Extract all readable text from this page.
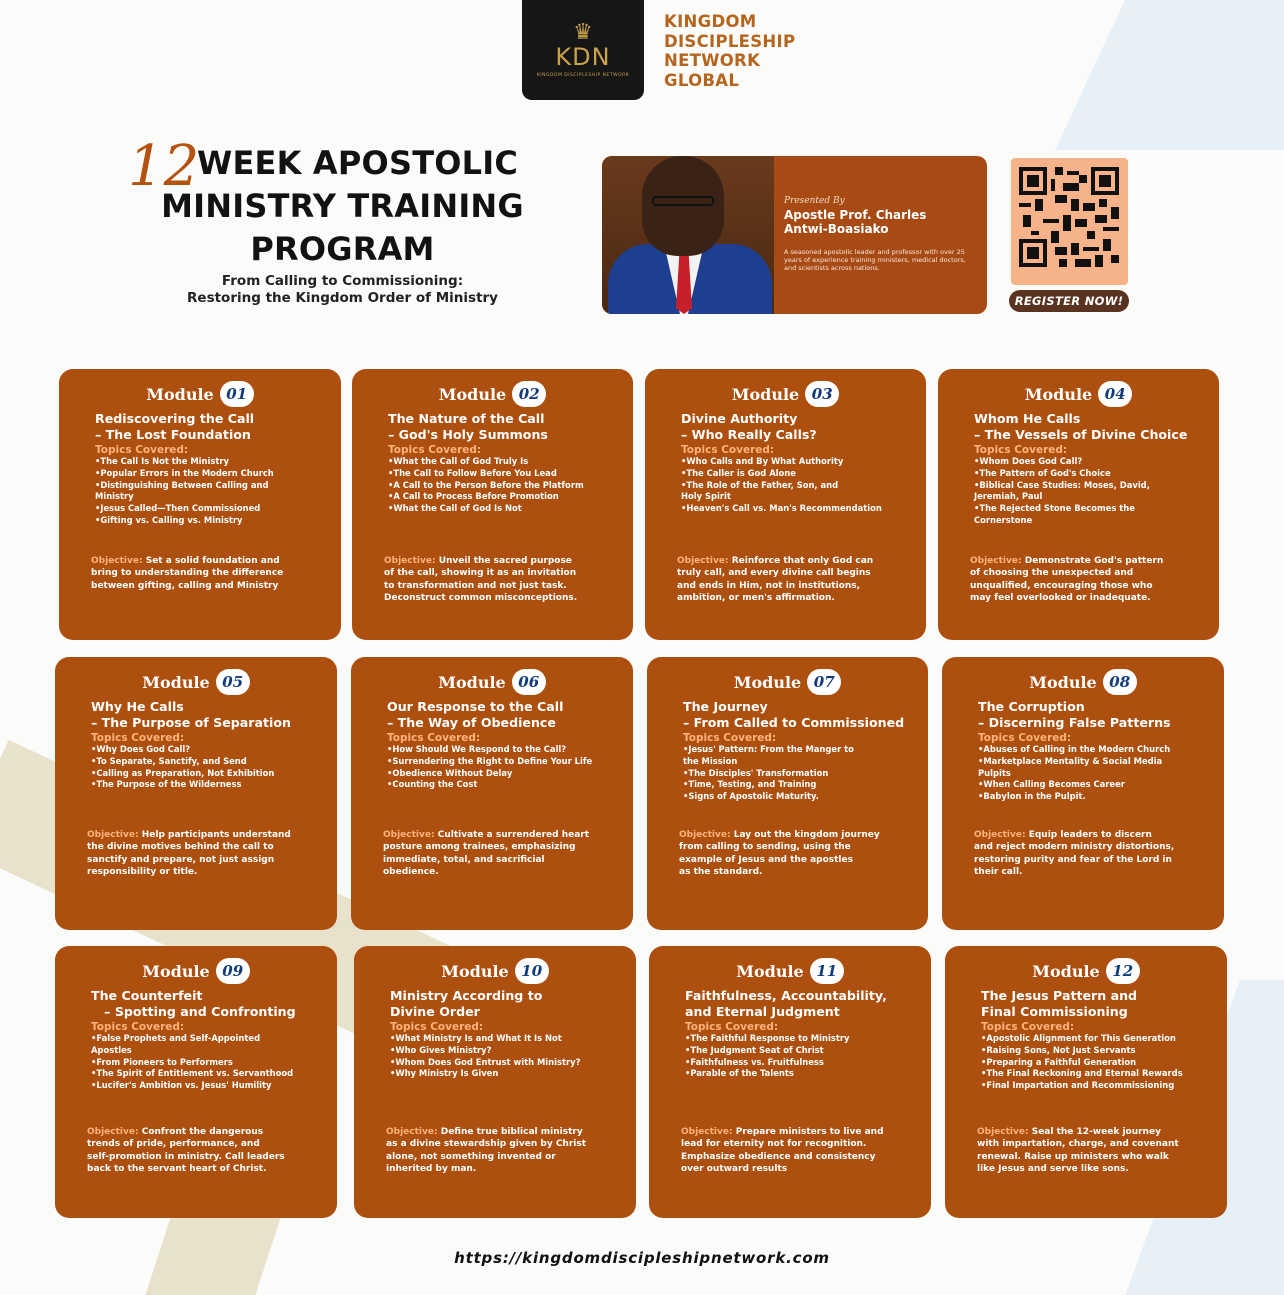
♛
KDN
KINGDOM DISCIPLESHIP NETWORK
KINGDOM
DISCIPLESHIP
NETWORK
GLOBAL
12
WEEK APOSTOLIC
MINISTRY TRAINING
PROGRAM
From Calling to Commissioning:
Restoring the Kingdom Order of Ministry
Presented By
Apostle Prof. Charles
Antwi-Boasiako
A seasoned apostolic leader and professor with over 25 years of experience training ministers, medical doctors, and scientists across nations.
REGISTER NOW!
Module 01
Rediscovering the Call
– The Lost Foundation
Topics Covered:
•The Call Is Not the Ministry
•Popular Errors in the Modern Church
•Distinguishing Between Calling and
Ministry
•Jesus Called—Then Commissioned
•Gifting vs. Calling vs. Ministry
Objective: Set a solid foundation and
bring to understanding the difference
between gifting, calling and Ministry
Module 02
The Nature of the Call
– God's Holy Summons
Topics Covered:
•What the Call of God Truly Is
•The Call to Follow Before You Lead
•A Call to the Person Before the Platform
•A Call to Process Before Promotion
•What the Call of God Is Not
Objective: Unveil the sacred purpose
of the call, showing it as an invitation
to transformation and not just task.
Deconstruct common misconceptions.
Module 03
Divine Authority
– Who Really Calls?
Topics Covered:
•Who Calls and By What Authority
•The Caller is God Alone
•The Role of the Father, Son, and
Holy Spirit
•Heaven's Call vs. Man's Recommendation
Objective: Reinforce that only God can
truly call, and every divine call begins
and ends in Him, not in institutions,
ambition, or men's affirmation.
Module 04
Whom He Calls
– The Vessels of Divine Choice
Topics Covered:
•Whom Does God Call?
•The Pattern of God's Choice
•Biblical Case Studies: Moses, David,
Jeremiah, Paul
•The Rejected Stone Becomes the
Cornerstone
Objective: Demonstrate God's pattern
of choosing the unexpected and
unqualified, encouraging those who
may feel overlooked or inadequate.
Module 05
Why He Calls
– The Purpose of Separation
Topics Covered:
•Why Does God Call?
•To Separate, Sanctify, and Send
•Calling as Preparation, Not Exhibition
•The Purpose of the Wilderness
Objective: Help participants understand
the divine motives behind the call to
sanctify and prepare, not just assign
responsibility or title.
Module 06
Our Response to the Call
– The Way of Obedience
Topics Covered:
•How Should We Respond to the Call?
•Surrendering the Right to Define Your Life
•Obedience Without Delay
•Counting the Cost
Objective: Cultivate a surrendered heart
posture among trainees, emphasizing
immediate, total, and sacrificial
obedience.
Module 07
The Journey
– From Called to Commissioned
Topics Covered:
•Jesus' Pattern: From the Manger to
the Mission
•The Disciples' Transformation
•Time, Testing, and Training
•Signs of Apostolic Maturity.
Objective: Lay out the kingdom journey
from calling to sending, using the
example of Jesus and the apostles
as the standard.
Module 08
The Corruption
– Discerning False Patterns
Topics Covered:
•Abuses of Calling in the Modern Church
•Marketplace Mentality & Social Media
Pulpits
•When Calling Becomes Career
•Babylon in the Pulpit.
Objective: Equip leaders to discern
and reject modern ministry distortions,
restoring purity and fear of the Lord in
their call.
Module 09
The Counterfeit
– Spotting and Confronting
Topics Covered:
•False Prophets and Self-Appointed
Apostles
•From Pioneers to Performers
•The Spirit of Entitlement vs. Servanthood
•Lucifer's Ambition vs. Jesus' Humility
Objective: Confront the dangerous
trends of pride, performance, and
self-promotion in ministry. Call leaders
back to the servant heart of Christ.
Module 10
Ministry According to
Divine Order
Topics Covered:
•What Ministry Is and What It Is Not
•Who Gives Ministry?
•Whom Does God Entrust with Ministry?
•Why Ministry Is Given
Objective: Define true biblical ministry
as a divine stewardship given by Christ
alone, not something invented or
inherited by man.
Module 11
Faithfulness, Accountability,
and Eternal Judgment
Topics Covered:
•The Faithful Response to Ministry
•The Judgment Seat of Christ
•Faithfulness vs. Fruitfulness
•Parable of the Talents
Objective: Prepare ministers to live and
lead for eternity not for recognition.
Emphasize obedience and consistency
over outward results
Module 12
The Jesus Pattern and
Final Commissioning
Topics Covered:
•Apostolic Alignment for This Generation
•Raising Sons, Not Just Servants
•Preparing a Faithful Generation
•The Final Reckoning and Eternal Rewards
•Final Impartation and Recommissioning
Objective: Seal the 12-week journey
with impartation, charge, and covenant
renewal. Raise up ministers who walk
like Jesus and serve like sons.
https://kingdomdiscipleshipnetwork.com
